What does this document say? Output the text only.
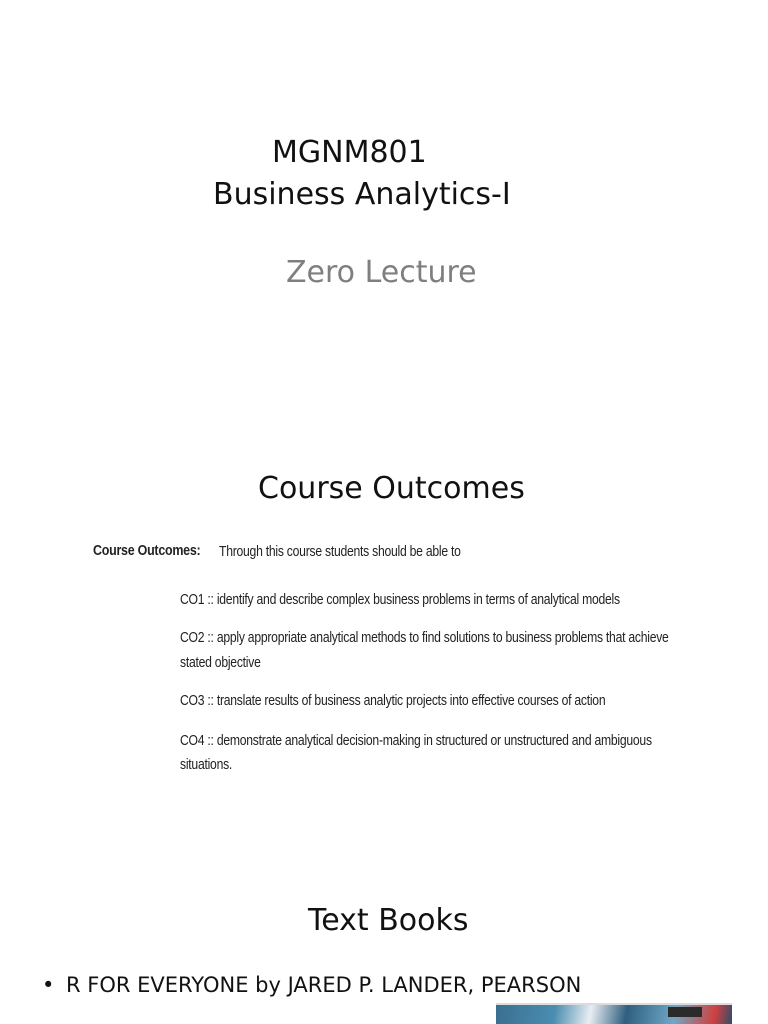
MGNM801

Business Analytics-I

Zero Lecture

Course Outcomes

Course Outcomes: Through this course students should be able to

CO1 :: identify and describe complex business problems in terms of analytical models

CO2 :: apply appropriate analytical methods to find solutions to business problems that achieve

stated objective

CO3 :: translate results of business analytic projects into effective courses of action

CO4 :: demonstrate analytical decision-making in structured or unstructured and ambiguous

situations.

Text Books

• R FOR EVERYONE by JARED P. LANDER, PEARSON
